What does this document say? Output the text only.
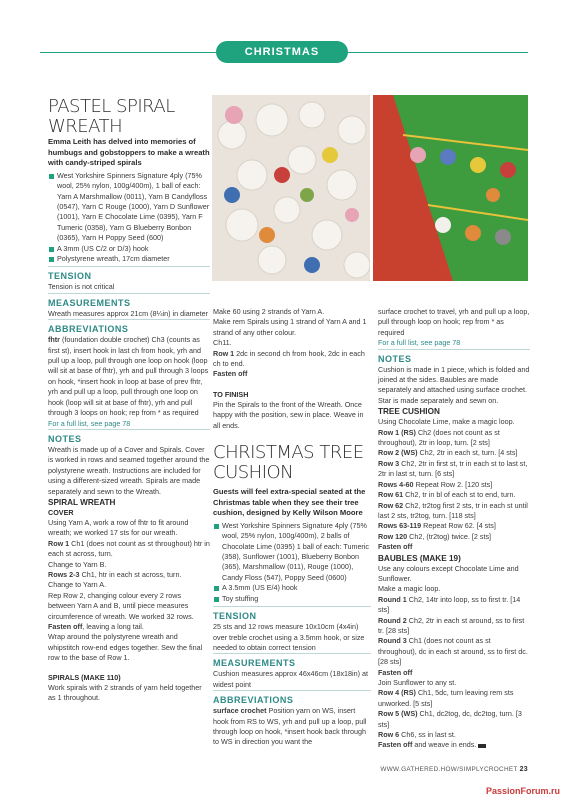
CHRISTMAS COLLECTION

PASTEL SPIRAL WREATH

Emma Leith has delved into memories of humbugs and gobstoppers to make a wreath with candy-striped spirals

West Yorkshire Spinners Signature 4ply (75% wool, 25% nylon, 100g/400m), 1 ball of each: Yarn A Marshmallow (0011), Yarn B Candyfloss (0547), Yarn C Rouge (1000), Yarn D Sunflower (1001), Yarn E Chocolate Lime (0395), Yarn F Tumeric (0358), Yarn G Blueberry Bonbon (0365), Yarn H Poppy Seed (600)
A 3mm (US C/2 or D/3) hook
Polystyrene wreath, 17cm diameter

TENSION

Tension is not critical

MEASUREMENTS

Wreath measures approx 21cm (8¼in) in diameter

ABBREVIATIONS

fhtr (foundation double crochet) Ch3 (counts as first st), insert hook in last ch from hook, yrh and pull up a loop, pull through one loop on hook (loop will sit at base of fhtr), yrh and pull through 3 loops on hook, *insert hook in loop at base of prev fhtr, yrh and pull up a loop, pull through one loop on hook (loop will sit at base of fhtr), yrh and pull through 3 loops on hook; rep from * as required

For a full list, see page 78

NOTES

Wreath is made up of a Cover and Spirals. Cover is worked in rows and seamed together around the polystyrene wreath. Instructions are included for using a different-sized wreath. Spirals are made separately and sewn to the Wreath.

SPIRAL WREATH

COVER

Using Yarn A, work a row of fhtr to fit around wreath; we worked 17 sts for our wreath.

Row 1 Ch1 (does not count as st throughout) htr in each st across, turn.

Change to Yarn B.

Rows 2-3 Ch1, htr in each st across, turn.

Change to Yarn A.

Rep Row 2, changing colour every 2 rows between Yarn A and B, until piece measures circumference of wreath. We worked 32 rows.

Fasten off, leaving a long tail.

Wrap around the polystyrene wreath and whipstitch row-end edges together. Sew the final row to the base of Row 1.

SPIRALS (MAKE 110)

Work spirals with 2 strands of yarn held together as 1 throughout.

Make 60 using 2 strands of Yarn A.

Make rem Spirals using 1 strand of Yarn A and 1 strand of any other colour.

Ch11.

Row 1 2dc in second ch from hook, 2dc in each ch to end.

Fasten off

TO FINISH

Pin the Spirals to the front of the Wreath. Once happy with the position, sew in place. Weave in all ends.

CHRISTMAS TREE CUSHION

Guests will feel extra-special seated at the Christmas table when they see their tree cushion, designed by Kelly Wilson Moore

West Yorkshire Spinners Signature 4ply (75% wool, 25% nylon, 100g/400m), 2 balls of Chocolate Lime (0395) 1 ball of each: Tumeric (358), Sunflower (1001), Blueberry Bonbon (365), Marshmallow (011), Rouge (1000), Candy Floss (547), Poppy Seed (0600)
A 3.5mm (US E/4) hook
Toy stuffing

TENSION

25 sts and 12 rows measure 10x10cm (4x4in) over treble crochet using a 3.5mm hook, or size needed to obtain correct tension

MEASUREMENTS

Cushion measures approx 46x46cm (18x18in) at widest point

ABBREVIATIONS

surface crochet Position yarn on WS, insert hook from RS to WS, yrh and pull up a loop, pull through loop on hook, *insert hook back through to WS in direction you want the

surface crochet to travel, yrh and pull up a loop, pull through loop on hook; rep from * as required

For a full list, see page 78

NOTES

Cushion is made in 1 piece, which is folded and joined at the sides. Baubles are made separately and attached using surface crochet. Star is made separately and sewn on.

TREE CUSHION

Using Chocolate Lime, make a magic loop.

Row 1 (RS) Ch2 (does not count as st throughout), 2tr in loop, turn. [2 sts]

Row 2 (WS) Ch2, 2tr in each st, turn. [4 sts]

Row 3 Ch2, 2tr in first st, tr in each st to last st, 2tr in last st, turn. [6 sts]

Rows 4-60 Repeat Row 2. [120 sts]

Row 61 Ch2, tr in bl of each st to end, turn.

Row 62 Ch2, tr2tog first 2 sts, tr in each st until last 2 sts, tr2tog, turn. [118 sts]

Rows 63-119 Repeat Row 62. [4 sts]

Row 120 Ch2, (tr2tog) twice. [2 sts]

Fasten off

BAUBLES (MAKE 19)

Use any colours except Chocolate Lime and Sunflower.

Make a magic loop.

Round 1 Ch2, 14tr into loop, ss to first tr. [14 sts]

Round 2 Ch2, 2tr in each st around, ss to first tr. [28 sts]

Round 3 Ch1 (does not count as st throughout), dc in each st around, ss to first dc. [28 sts]

Fasten off

Join Sunflower to any st.

Row 4 (RS) Ch1, 5dc, turn leaving rem sts unworked. [5 sts]

Row 5 (WS) Ch1, dc2tog, dc, dc2tog, turn. [3 sts]

Row 6 Ch6, ss in last st.

Fasten off and weave in ends.

WWW.GATHERED.HOW/SIMPLYCROCHET 23
PassionForum.ru
